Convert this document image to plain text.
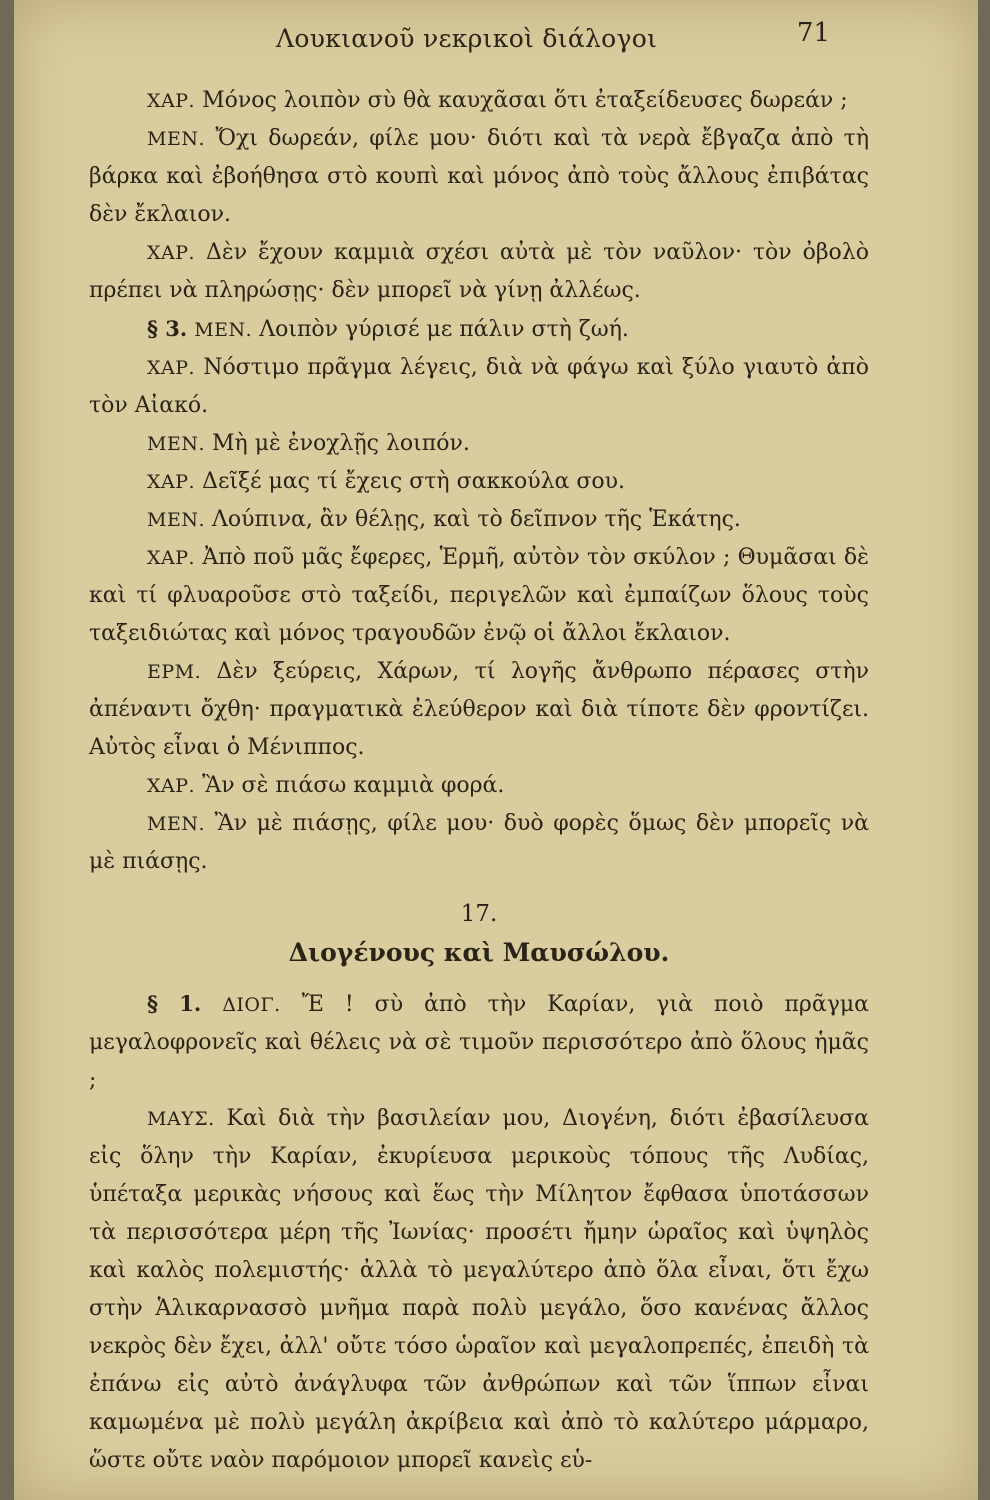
Λουκιανοῦ νεκρικοὶ διάλογοι	71

ΧΑΡ. Μόνος λοιπὸν σὺ θὰ καυχᾶσαι ὅτι ἐταξείδευσες δωρεάν ;

ΜΕΝ. Ὄχι δωρεάν, φίλε μου· διότι καὶ τὰ νερὰ ἔβγαζα ἀπὸ τὴ βάρκα καὶ ἐβοήθησα στὸ κουπὶ καὶ μόνος ἀπὸ τοὺς ἄλλους ἐπιβάτας δὲν ἔκλαιον.

ΧΑΡ. Δὲν ἔχουν καμμιὰ σχέσι αὐτὰ μὲ τὸν ναῦλον· τὸν ὀβολὸ πρέπει νὰ πληρώσῃς· δὲν μπορεῖ νὰ γίνῃ ἀλλέως.

§ 3. ΜΕΝ. Λοιπὸν γύρισέ με πάλιν στὴ ζωή.

ΧΑΡ. Νόστιμο πρᾶγμα λέγεις, διὰ νὰ φάγω καὶ ξύλο γιαυτὸ ἀπὸ τὸν Αἰακό.

ΜΕΝ. Μὴ μὲ ἐνοχλῇς λοιπόν.

ΧΑΡ. Δεῖξέ μας τί ἔχεις στὴ σακκούλα σου.

ΜΕΝ. Λούπινα, ἂν θέλῃς, καὶ τὸ δεῖπνον τῆς Ἑκάτης.

ΧΑΡ. Ἀπὸ ποῦ μᾶς ἔφερες, Ἑρμῆ, αὐτὸν τὸν σκύλον ; Θυμᾶσαι δὲ καὶ τί φλυαροῦσε στὸ ταξείδι, περιγελῶν καὶ ἐμπαίζων ὅλους τοὺς ταξειδιώτας καὶ μόνος τραγουδῶν ἐνῷ οἱ ἄλλοι ἔκλαιον.

ΕΡΜ. Δὲν ξεύρεις, Χάρων, τί λογῆς ἄνθρωπο πέρασες στὴν ἀπέναντι ὄχθη· πραγματικὰ ἐλεύθερον καὶ διὰ τίποτε δὲν φροντίζει. Αὐτὸς εἶναι ὁ Μένιππος.

ΧΑΡ. Ἂν σὲ πιάσω καμμιὰ φορά.

ΜΕΝ. Ἂν μὲ πιάσῃς, φίλε μου· δυὸ φορὲς ὅμως δὲν μπορεῖς νὰ μὲ πιάσῃς.

17.
Διογένους καὶ Μαυσώλου.

§ 1. ΔΙΟΓ. Ἔ ! σὺ ἀπὸ τὴν Καρίαν, γιὰ ποιὸ πρᾶγμα μεγαλοφρονεῖς καὶ θέλεις νὰ σὲ τιμοῦν περισσότερο ἀπὸ ὅλους ἡμᾶς ;

ΜΑΥΣ. Καὶ διὰ τὴν βασιλείαν μου, Διογένη, διότι ἐβασίλευσα εἰς ὅλην τὴν Καρίαν, ἐκυρίευσα μερικοὺς τόπους τῆς Λυδίας, ὑπέταξα μερικὰς νήσους καὶ ἕως τὴν Μίλητον ἔφθασα ὑποτάσσων τὰ περισσότερα μέρη τῆς Ἰωνίας· προσέτι ἤμην ὡραῖος καὶ ὑψηλὸς καὶ καλὸς πολεμιστής· ἀλλὰ τὸ μεγαλύτερο ἀπὸ ὅλα εἶναι, ὅτι ἔχω στὴν Ἁλικαρνασσὸ μνῆμα παρὰ πολὺ μεγάλο, ὅσο κανένας ἄλλος νεκρὸς δὲν ἔχει, ἀλλ' οὔτε τόσο ὡραῖον καὶ μεγαλοπρεπές, ἐπειδὴ τὰ ἐπάνω εἰς αὐτὸ ἀνάγλυφα τῶν ἀνθρώπων καὶ τῶν ἵππων εἶναι καμωμένα μὲ πολὺ μεγάλη ἀκρίβεια καὶ ἀπὸ τὸ καλύτερο μάρμαρο, ὥστε οὔτε ναὸν παρόμοιον μπορεῖ κανεὶς εὑ-
